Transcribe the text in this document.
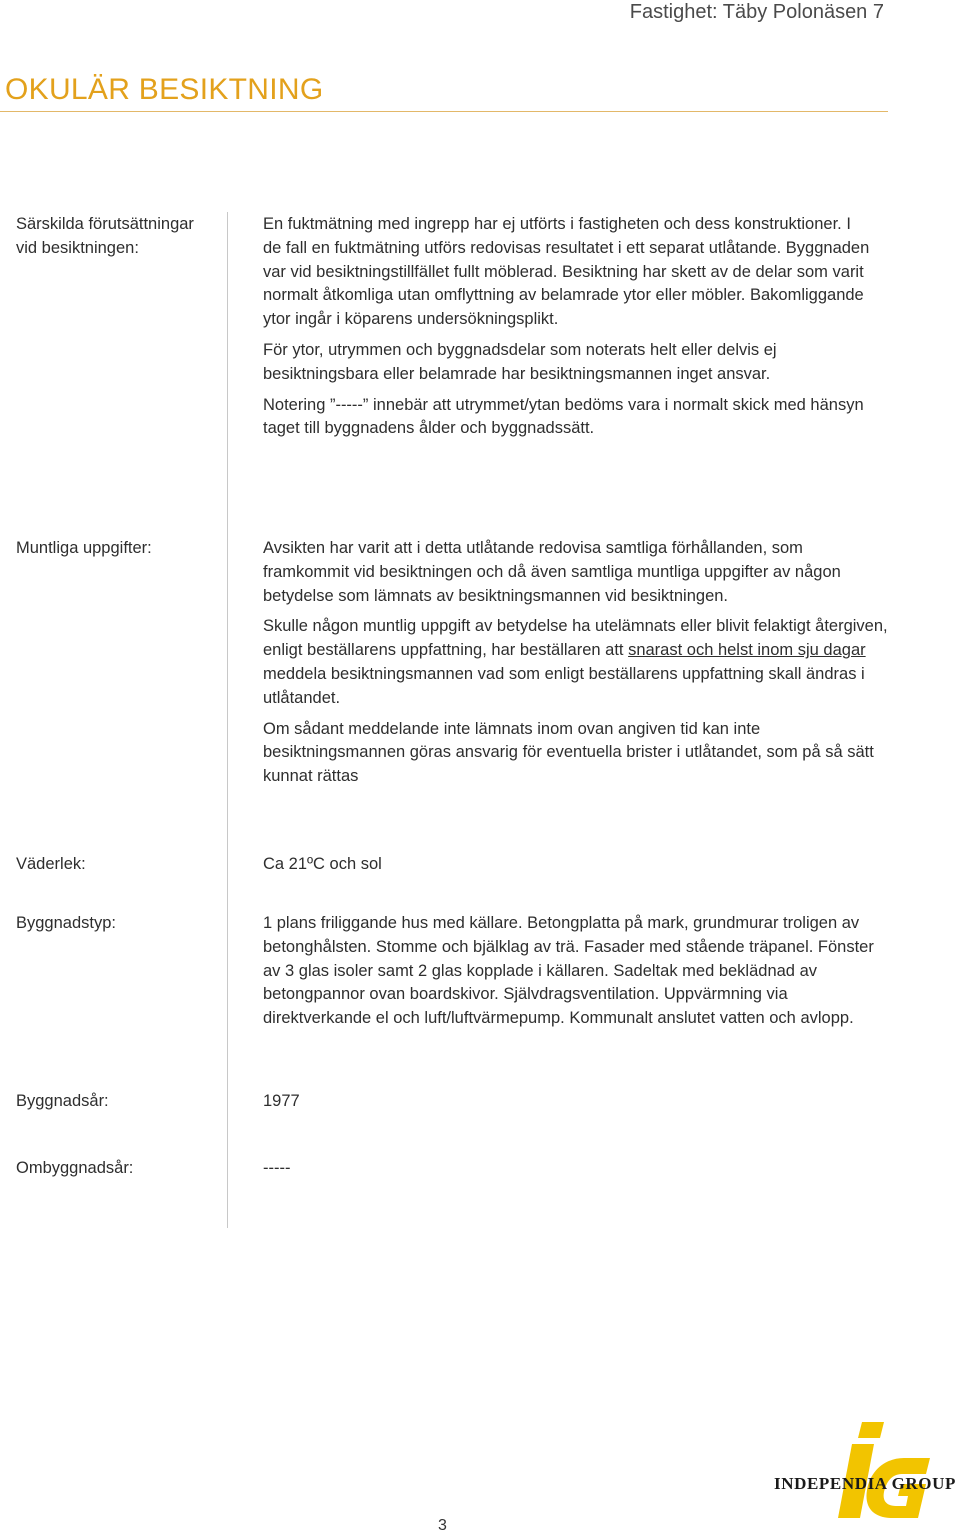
Fastighet: Täby Polonäsen 7
OKULÄR BESIKTNING
Särskilda förutsättningar
vid besiktningen:

En fuktmätning med ingrepp har ej utförts i fastigheten och dess konstruktioner. I de fall en fuktmätning utförs redovisas resultatet i ett separat utlåtande. Byggnaden var vid besiktningstillfället fullt möblerad. Besiktning har skett av de delar som varit normalt åtkomliga utan omflyttning av belamrade ytor eller möbler. Bakomliggande ytor ingår i köparens undersökningsplikt.

För ytor, utrymmen och byggnadsdelar som noterats helt eller delvis ej besiktningsbara eller belamrade har besiktningsmannen inget ansvar.

Notering ”-----” innebär att utrymmet/ytan bedöms vara i normalt skick med hänsyn taget till byggnadens ålder och byggnadssätt.

Muntliga uppgifter:	Avsikten har varit att i detta utlåtande redovisa samtliga förhållanden, som framkommit vid besiktningen och då även samtliga muntliga uppgifter av någon betydelse som lämnats av besiktningsmannen vid besiktningen.

Skulle någon muntlig uppgift av betydelse ha utelämnats eller blivit felaktigt återgiven, enligt beställarens uppfattning, har beställaren att snarast och helst inom sju dagar meddela besiktningsmannen vad som enligt beställarens uppfattning skall ändras i utlåtandet.

Om sådant meddelande inte lämnats inom ovan angiven tid kan inte besiktningsmannen göras ansvarig för eventuella brister i utlåtandet, som på så sätt kunnat rättas

Väderlek:	Ca 21ºC och sol
Byggnadstyp:	1 plans friliggande hus med källare. Betongplatta på mark, grundmurar troligen av betonghålsten. Stomme och bjälklag av trä. Fasader med stående träpanel. Fönster av 3 glas isoler samt 2 glas kopplade i källaren. Sadeltak med beklädnad av betongpannor ovan boardskivor. Självdragsventilation. Uppvärmning via direktverkande el och luft/luftvärmepump. Kommunalt anslutet vatten och avlopp.
Byggnadsår:	1977
Ombyggnadsår:	-----
3
INDEPENDIA GROUP
